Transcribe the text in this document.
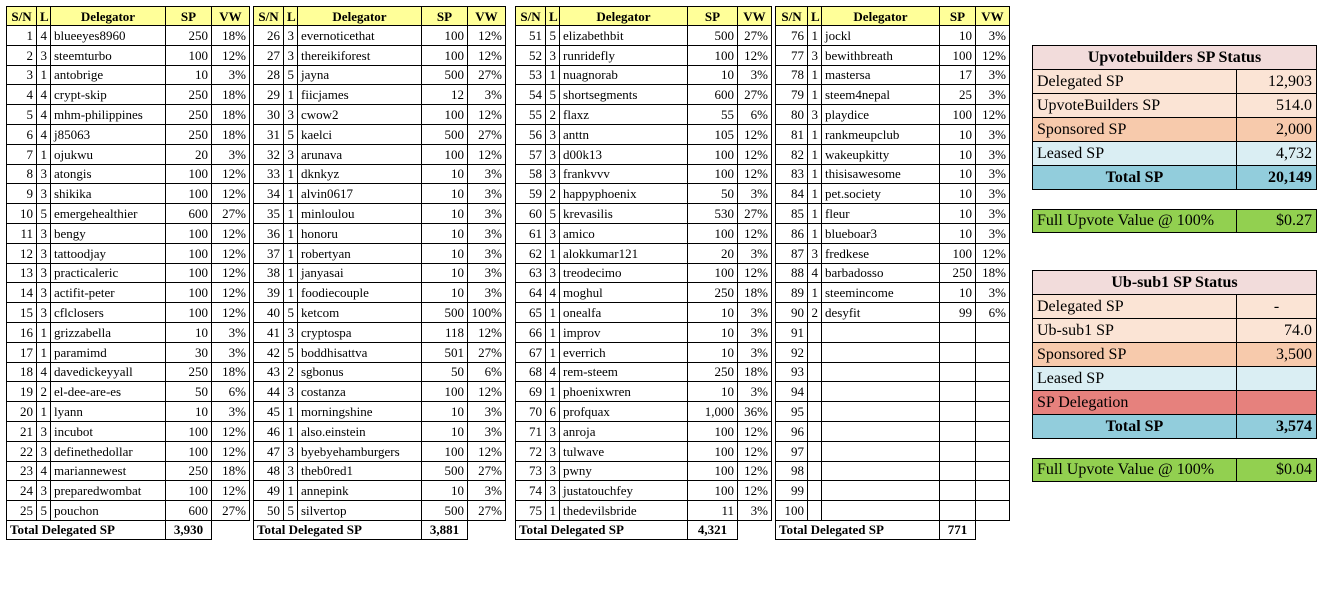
S/N	L	Delegator	SP	VW
1	4	blueeyes8960	250	18%
2	3	steemturbo	100	12%
3	1	antobrige	10	3%
4	4	crypt-skip	250	18%
5	4	mhm-philippines	250	18%
6	4	j85063	250	18%
7	1	ojukwu	20	3%
8	3	atongis	100	12%
9	3	shikika	100	12%
10	5	emergehealthier	600	27%
11	3	bengy	100	12%
12	3	tattoodjay	100	12%
13	3	practicaleric	100	12%
14	3	actifit-peter	100	12%
15	3	cflclosers	100	12%
16	1	grizzabella	10	3%
17	1	paramimd	30	3%
18	4	davedickeyyall	250	18%
19	2	el-dee-are-es	50	6%
20	1	lyann	10	3%
21	3	incubot	100	12%
22	3	definethedollar	100	12%
23	4	mariannewest	250	18%
24	3	preparedwombat	100	12%
25	5	pouchon	600	27%
Total Delegated SP			3,930	
S/N	L	Delegator	SP	VW
26	3	evernoticethat	100	12%
27	3	thereikiforest	100	12%
28	5	jayna	500	27%
29	1	fiicjames	12	3%
30	3	cwow2	100	12%
31	5	kaelci	500	27%
32	3	arunava	100	12%
33	1	dknkyz	10	3%
34	1	alvin0617	10	3%
35	1	minloulou	10	3%
36	1	honoru	10	3%
37	1	robertyan	10	3%
38	1	janyasai	10	3%
39	1	foodiecouple	10	3%
40	5	ketcom	500	100%
41	3	cryptospa	118	12%
42	5	boddhisattva	501	27%
43	2	sgbonus	50	6%
44	3	costanza	100	12%
45	1	morningshine	10	3%
46	1	also.einstein	10	3%
47	3	byebyehamburgers	100	12%
48	3	theb0red1	500	27%
49	1	annepink	10	3%
50	5	silvertop	500	27%
Total Delegated SP			3,881	
S/N	L	Delegator	SP	VW
51	5	elizabethbit	500	27%
52	3	runridefly	100	12%
53	1	nuagnorab	10	3%
54	5	shortsegments	600	27%
55	2	flaxz	55	6%
56	3	anttn	105	12%
57	3	d00k13	100	12%
58	3	frankvvv	100	12%
59	2	happyphoenix	50	3%
60	5	krevasilis	530	27%
61	3	amico	100	12%
62	1	alokkumar121	20	3%
63	3	treodecimo	100	12%
64	4	moghul	250	18%
65	1	onealfa	10	3%
66	1	improv	10	3%
67	1	everrich	10	3%
68	4	rem-steem	250	18%
69	1	phoenixwren	10	3%
70	6	profquax	1,000	36%
71	3	anroja	100	12%
72	3	tulwave	100	12%
73	3	pwny	100	12%
74	3	justatouchfey	100	12%
75	1	thedevilsbride	11	3%
Total Delegated SP			4,321	
S/N	L	Delegator	SP	VW
76	1	jockl	10	3%
77	3	bewithbreath	100	12%
78	1	mastersa	17	3%
79	1	steem4nepal	25	3%
80	3	playdice	100	12%
81	1	rankmeupclub	10	3%
82	1	wakeupkitty	10	3%
83	1	thisisawesome	10	3%
84	1	pet.society	10	3%
85	1	fleur	10	3%
86	1	blueboar3	10	3%
87	3	fredkese	100	12%
88	4	barbadosso	250	18%
89	1	steemincome	10	3%
90	2	desyfit	99	6%
91				
92				
93				
94				
95				
96				
97				
98				
99				
100				
Total Delegated SP			771	
Upvotebuilders SP Status	
Delegated SP	12,903
UpvoteBuilders SP	514.0
Sponsored SP	2,000
Leased SP	4,732
Total SP	20,149
Full Upvote Value @ 100%	$0.27
Ub-sub1 SP Status	
Delegated SP	-
Ub-sub1 SP	74.0
Sponsored SP	3,500
Leased SP	
SP Delegation	
Total SP	3,574
Full Upvote Value @ 100%	$0.04
